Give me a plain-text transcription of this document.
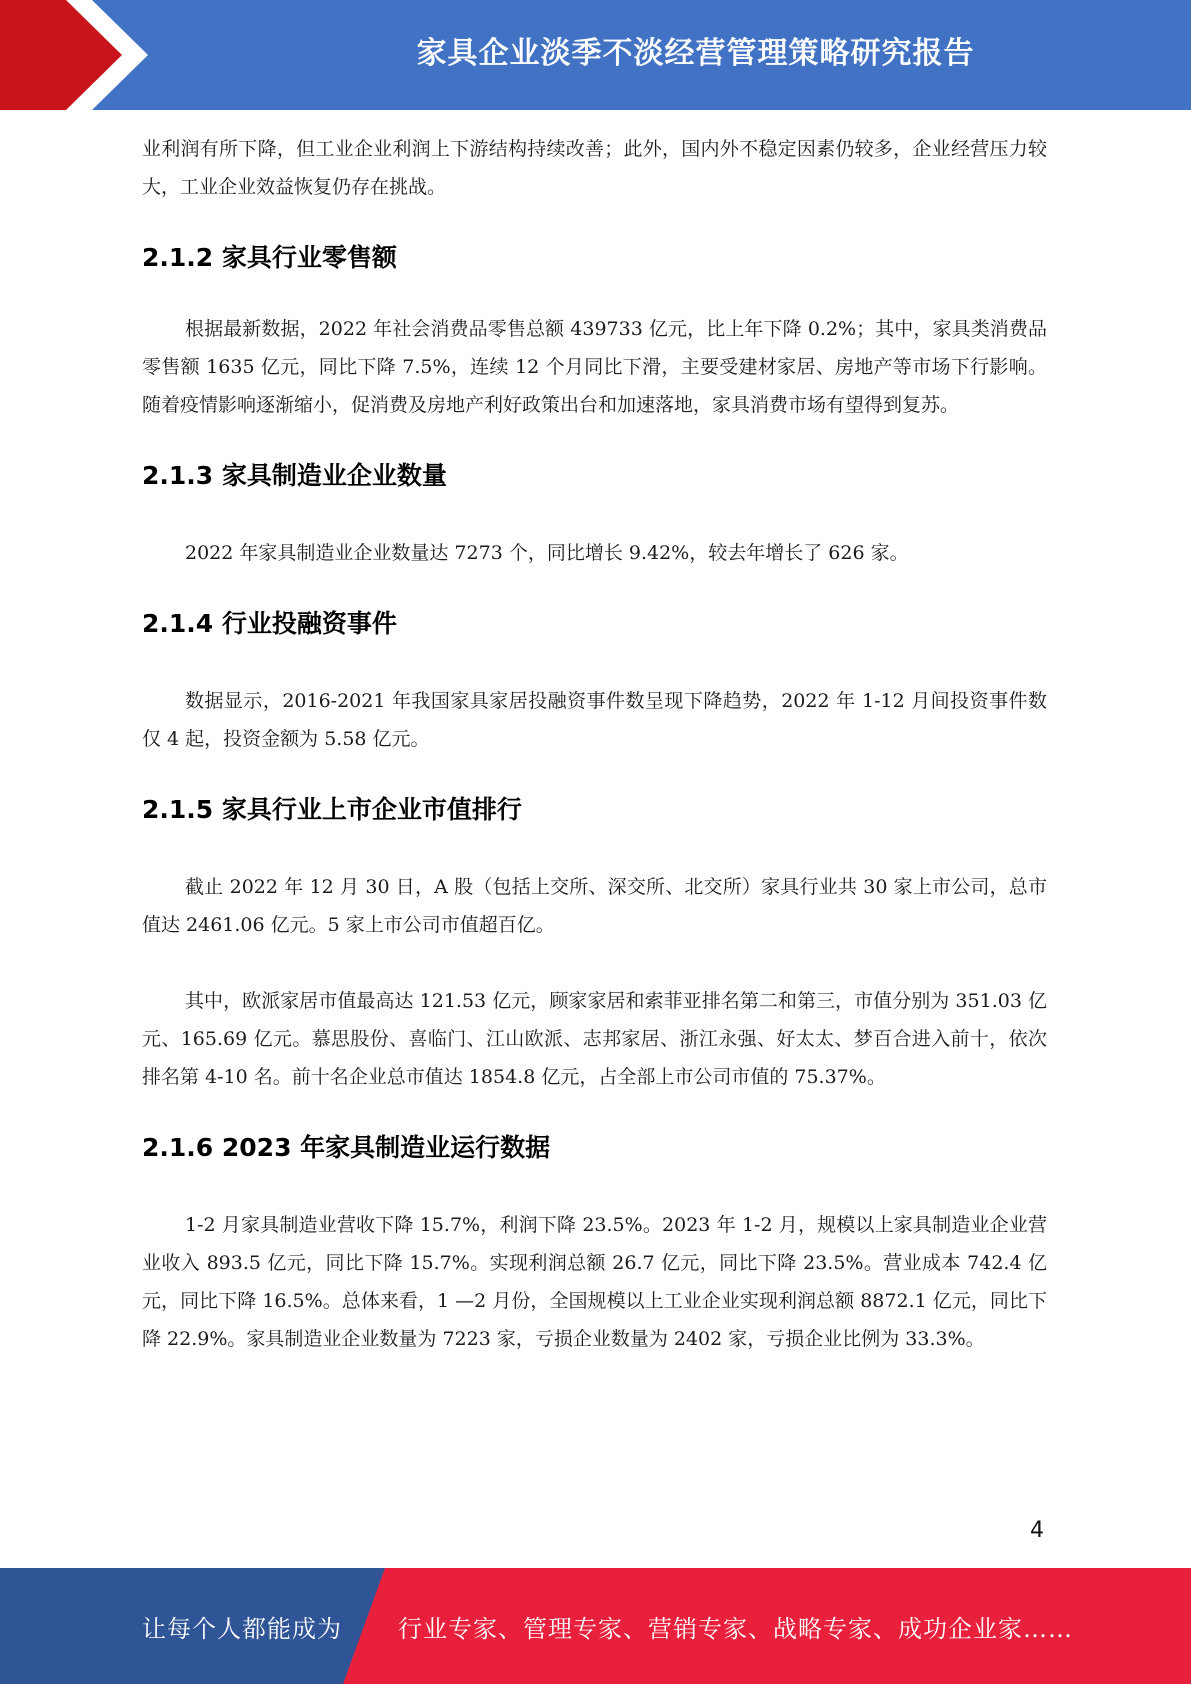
家具企业淡季不淡经营管理策略研究报告

业利润有所下降，但工业企业利润上下游结构持续改善；此外，国内外不稳定因素仍较多，企业经营压力较大，工业企业效益恢复仍存在挑战。

2.1.2 家具行业零售额

根据最新数据，2022 年社会消费品零售总额 439733 亿元，比上年下降 0.2%；其中，家具类消费品零售额 1635 亿元，同比下降 7.5%，连续 12 个月同比下滑，主要受建材家居、房地产等市场下行影响。随着疫情影响逐渐缩小，促消费及房地产利好政策出台和加速落地，家具消费市场有望得到复苏。

2.1.3 家具制造业企业数量

2022 年家具制造业企业数量达 7273 个，同比增长 9.42%，较去年增长了 626 家。

2.1.4 行业投融资事件

数据显示，2016-2021 年我国家具家居投融资事件数呈现下降趋势，2022 年 1-12 月间投资事件数仅 4 起，投资金额为 5.58 亿元。

2.1.5 家具行业上市企业市值排行

截止 2022 年 12 月 30 日，A 股（包括上交所、深交所、北交所）家具行业共 30 家上市公司，总市值达 2461.06 亿元。5 家上市公司市值超百亿。

其中，欧派家居市值最高达 121.53 亿元，顾家家居和索菲亚排名第二和第三，市值分别为 351.03 亿元、165.69 亿元。慕思股份、喜临门、江山欧派、志邦家居、浙江永强、好太太、梦百合进入前十，依次排名第 4-10 名。前十名企业总市值达 1854.8 亿元，占全部上市公司市值的 75.37%。

2.1.6 2023 年家具制造业运行数据

1-2 月家具制造业营收下降 15.7%，利润下降 23.5%。2023 年 1-2 月，规模以上家具制造业企业营业收入 893.5 亿元，同比下降 15.7%。实现利润总额 26.7 亿元，同比下降 23.5%。营业成本 742.4 亿元，同比下降 16.5%。总体来看，1 —2 月份，全国规模以上工业企业实现利润总额 8872.1 亿元，同比下降 22.9%。家具制造业企业数量为 7223 家，亏损企业数量为 2402 家，亏损企业比例为 33.3%。

4
让每个人都能成为 行业专家、管理专家、营销专家、战略专家、成功企业家……
